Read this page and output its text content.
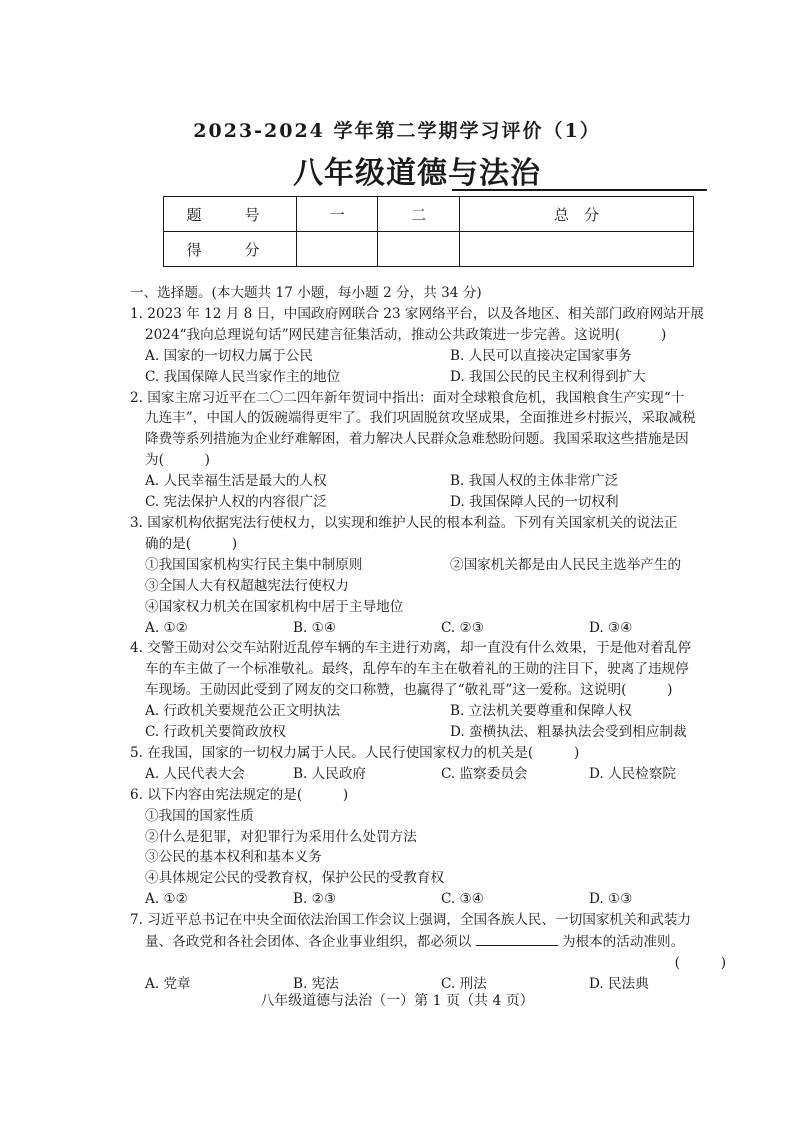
2023-2024 学年第二学期学习评价（1）
八年级道德与法治
题　号	一	二	总　分
得　分			
一、选择题。(本大题共 17 小题，每小题 2 分，共 34 分)
1. 2023 年 12 月 8 日，中国政府网联合 23 家网络平台，以及各地区、相关部门政府网站开展
2024“我向总理说句话”网民建言征集活动，推动公共政策进一步完善。这说明(　　　)
A. 国家的一切权力属于公民	B. 人民可以直接决定国家事务
C. 我国保障人民当家作主的地位	D. 我国公民的民主权利得到扩大
2. 国家主席习近平在二〇二四年新年贺词中指出：面对全球粮食危机，我国粮食生产实现“十
九连丰”，中国人的饭碗端得更牢了。我们巩固脱贫攻坚成果，全面推进乡村振兴，采取减税
降费等系列措施为企业纾难解困，着力解决人民群众急难愁盼问题。我国采取这些措施是因
为(　　　)
A. 人民幸福生活是最大的人权	B. 我国人权的主体非常广泛
C. 宪法保护人权的内容很广泛	D. 我国保障人民的一切权利
3. 国家机构依据宪法行使权力，以实现和维护人民的根本利益。下列有关国家机关的说法正
确的是(　　　)
①我国国家机构实行民主集中制原则	②国家机关都是由人民民主选举产生的
③全国人大有权超越宪法行使权力
④国家权力机关在国家机构中居于主导地位
A. ①②	B. ①④	C. ②③	D. ③④
4. 交警王勋对公交车站附近乱停车辆的车主进行劝离，却一直没有什么效果，于是他对着乱停
车的车主做了一个标准敬礼。最终，乱停车的车主在敬着礼的王勋的注目下，驶离了违规停
车现场。王勋因此受到了网友的交口称赞，也赢得了“敬礼哥”这一爱称。这说明(　　　)
A. 行政机关要规范公正文明执法	B. 立法机关要尊重和保障人权
C. 行政机关要简政放权	D. 蛮横执法、粗暴执法会受到相应制裁
5. 在我国，国家的一切权力属于人民。人民行使国家权力的机关是(　　　)
A. 人民代表大会	B. 人民政府	C. 监察委员会	D. 人民检察院
6. 以下内容由宪法规定的是(　　　)
①我国的国家性质
②什么是犯罪，对犯罪行为采用什么处罚方法
③公民的基本权利和基本义务
④具体规定公民的受教育权，保护公民的受教育权
A. ①②	B. ②③	C. ③④	D. ①③
7. 习近平总书记在中央全面依法治国工作会议上强调，全国各族人民、一切国家机关和武装力
量、各政党和各社会团体、各企业事业组织，都必须以	为根本的活动准则。
(　　　)
A. 党章	B. 宪法	C. 刑法	D. 民法典
八年级道德与法治（一）第 1 页（共 4 页）
